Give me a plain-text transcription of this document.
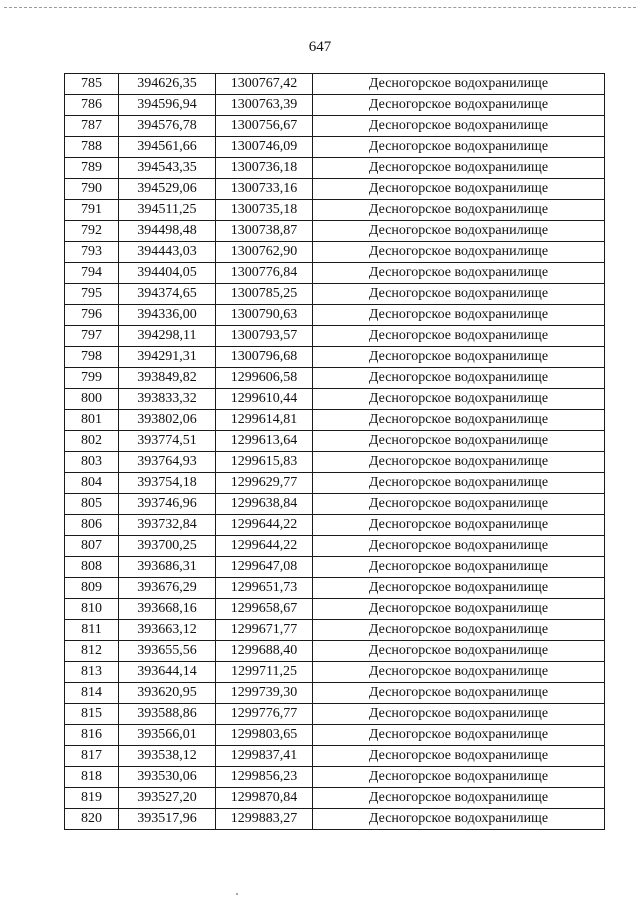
647
785	394626,35	1300767,42	Десногорское водохранилище
786	394596,94	1300763,39	Десногорское водохранилище
787	394576,78	1300756,67	Десногорское водохранилище
788	394561,66	1300746,09	Десногорское водохранилище
789	394543,35	1300736,18	Десногорское водохранилище
790	394529,06	1300733,16	Десногорское водохранилище
791	394511,25	1300735,18	Десногорское водохранилище
792	394498,48	1300738,87	Десногорское водохранилище
793	394443,03	1300762,90	Десногорское водохранилище
794	394404,05	1300776,84	Десногорское водохранилище
795	394374,65	1300785,25	Десногорское водохранилище
796	394336,00	1300790,63	Десногорское водохранилище
797	394298,11	1300793,57	Десногорское водохранилище
798	394291,31	1300796,68	Десногорское водохранилище
799	393849,82	1299606,58	Десногорское водохранилище
800	393833,32	1299610,44	Десногорское водохранилище
801	393802,06	1299614,81	Десногорское водохранилище
802	393774,51	1299613,64	Десногорское водохранилище
803	393764,93	1299615,83	Десногорское водохранилище
804	393754,18	1299629,77	Десногорское водохранилище
805	393746,96	1299638,84	Десногорское водохранилище
806	393732,84	1299644,22	Десногорское водохранилище
807	393700,25	1299644,22	Десногорское водохранилище
808	393686,31	1299647,08	Десногорское водохранилище
809	393676,29	1299651,73	Десногорское водохранилище
810	393668,16	1299658,67	Десногорское водохранилище
811	393663,12	1299671,77	Десногорское водохранилище
812	393655,56	1299688,40	Десногорское водохранилище
813	393644,14	1299711,25	Десногорское водохранилище
814	393620,95	1299739,30	Десногорское водохранилище
815	393588,86	1299776,77	Десногорское водохранилище
816	393566,01	1299803,65	Десногорское водохранилище
817	393538,12	1299837,41	Десногорское водохранилище
818	393530,06	1299856,23	Десногорское водохранилище
819	393527,20	1299870,84	Десногорское водохранилище
820	393517,96	1299883,27	Десногорское водохранилище
